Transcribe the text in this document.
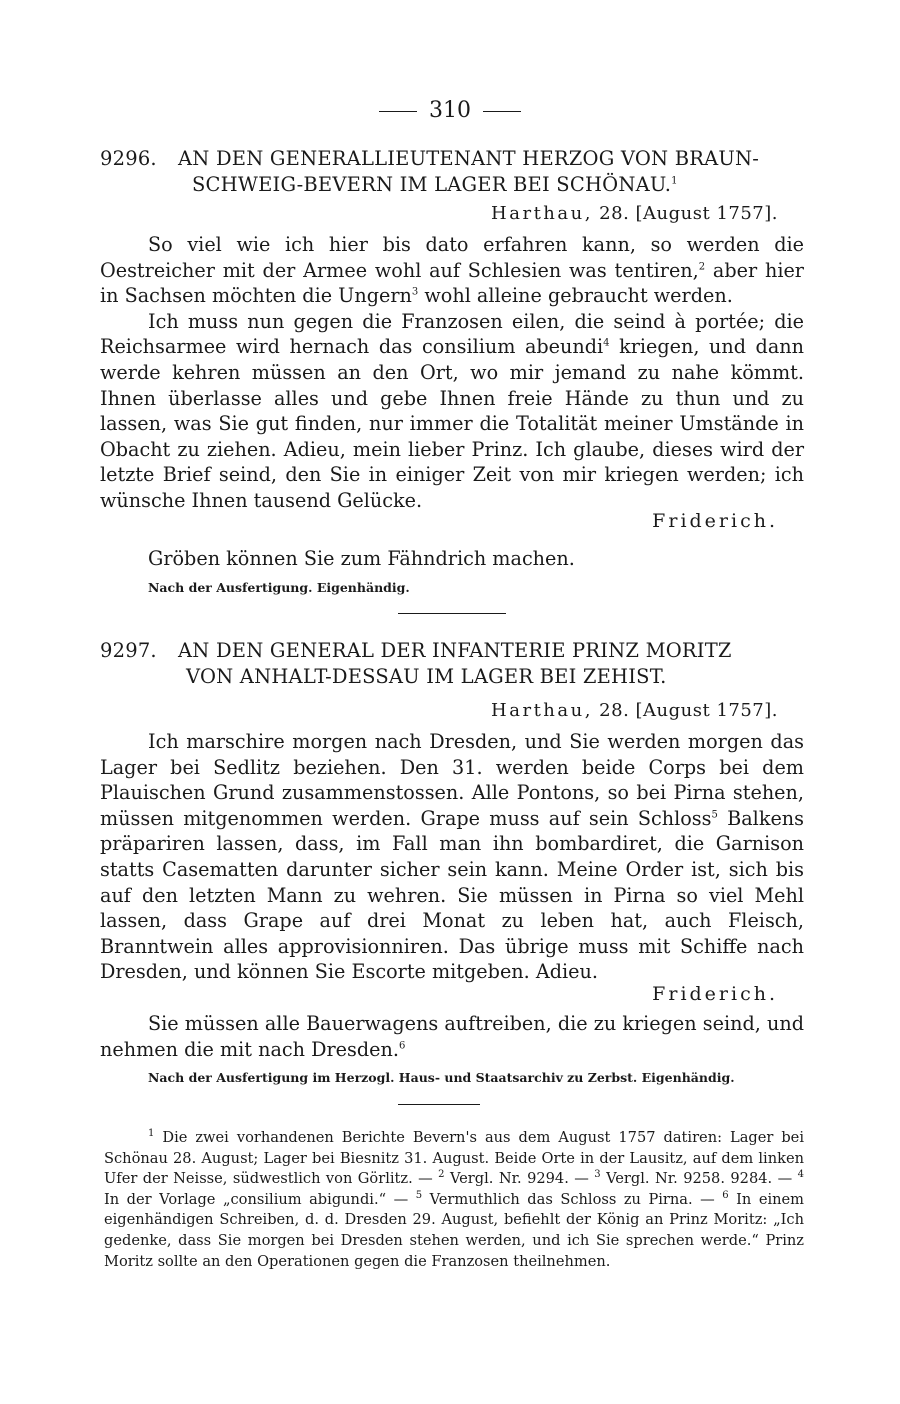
310
9296.	AN DEN GENERALLIEUTENANT HERZOG VON BRAUN-
SCHWEIG-BEVERN IM LAGER BEI SCHÖNAU.$^1$
Harthau, 28. [August 1757].

So viel wie ich hier bis dato erfahren kann, so werden die Oestreicher mit der Armee wohl auf Schlesien was tentiren,$^2$ aber hier in Sachsen möchten die Ungern$^3$ wohl alleine gebraucht werden.

Ich muss nun gegen die Franzosen eilen, die seind à portée; die Reichsarmee wird hernach das consilium abeundi$^4$ kriegen, und dann werde kehren müssen an den Ort, wo mir jemand zu nahe kömmt. Ihnen überlasse alles und gebe Ihnen freie Hände zu thun und zu lassen, was Sie gut finden, nur immer die Totalität meiner Umstände in Obacht zu ziehen. Adieu, mein lieber Prinz. Ich glaube, dieses wird der letzte Brief seind, den Sie in einiger Zeit von mir kriegen werden; ich wünsche Ihnen tausend Gelücke.

Friderich.
Gröben können Sie zum Fähndrich machen.
Nach der Ausfertigung. Eigenhändig.
9297.	AN DEN GENERAL DER INFANTERIE PRINZ MORITZ
VON ANHALT-DESSAU IM LAGER BEI ZEHIST.
Harthau, 28. [August 1757].

Ich marschire morgen nach Dresden, und Sie werden morgen das Lager bei Sedlitz beziehen. Den 31. werden beide Corps bei dem Plauischen Grund zusammenstossen. Alle Pontons, so bei Pirna stehen, müssen mitgenommen werden. Grape muss auf sein Schloss$^5$ Balkens präpariren lassen, dass, im Fall man ihn bombardiret, die Garnison statts Casematten darunter sicher sein kann. Meine Order ist, sich bis auf den letzten Mann zu wehren. Sie müssen in Pirna so viel Mehl lassen, dass Grape auf drei Monat zu leben hat, auch Fleisch, Branntwein alles approvisionniren. Das übrige muss mit Schiffe nach Dresden, und können Sie Escorte mitgeben. Adieu.

Friderich.
Sie müssen alle Bauerwagens auftreiben, die zu kriegen seind, und nehmen die mit nach Dresden.$^6$
Nach der Ausfertigung im Herzogl. Haus- und Staatsarchiv zu Zerbst. Eigenhändig.

$^1$ Die zwei vorhandenen Berichte Bevern's aus dem August 1757 datiren: Lager bei Schönau 28. August; Lager bei Biesnitz 31. August. Beide Orte in der Lausitz, auf dem linken Ufer der Neisse, südwestlich von Görlitz. — $^2$ Vergl. Nr. 9294. — $^3$ Vergl. Nr. 9258. 9284. — $^4$ In der Vorlage „consilium abigundi.“ — $^5$ Vermuthlich das Schloss zu Pirna. — $^6$ In einem eigenhändigen Schreiben, d. d. Dresden 29. August, befiehlt der König an Prinz Moritz: „Ich gedenke, dass Sie morgen bei Dresden stehen werden, und ich Sie sprechen werde.“ Prinz Moritz sollte an den Operationen gegen die Franzosen theilnehmen.
